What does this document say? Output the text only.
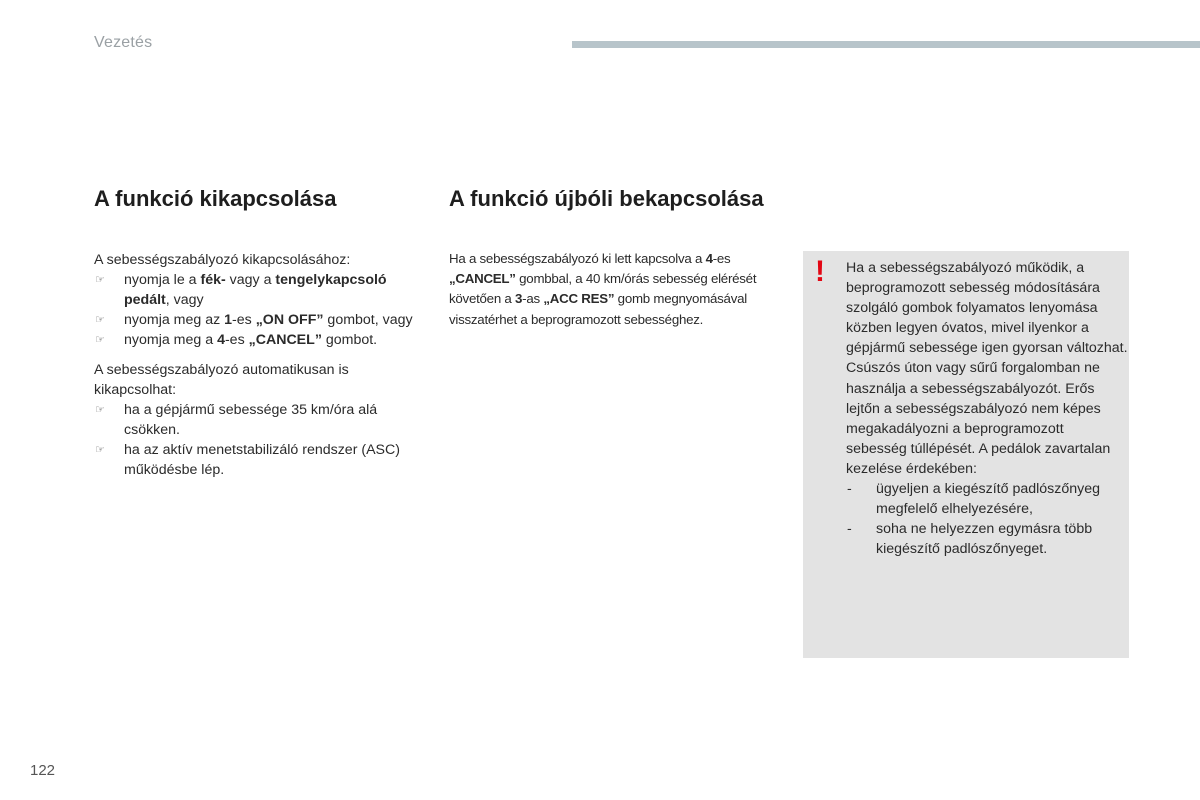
Vezetés
A funkció kikapcsolása	A funkció újbóli bekapcsolása

A sebességszabályozó kikapcsolásához:

☞	nyomja le a fék- vagy a tengelykapcsoló pedált, vagy
☞	nyomja meg az 1-es „ON OFF” gombot, vagy
☞	nyomja meg a 4-es „CANCEL” gombot.

A sebességszabályozó automatikusan is kikapcsolhat:

☞	ha a gépjármű sebessége 35 km/óra alá csökken.
☞	ha az aktív menetstabilizáló rendszer (ASC) működésbe lép.

Ha a sebességszabályozó ki lett kapcsolva a 4-es „CANCEL” gombbal, a 40 km/órás sebesség elérését követően a 3-as „ACC RES” gomb megnyomásával visszatérhet a beprogramozott sebességhez.

! Ha a sebességszabályozó működik, a beprogramozott sebesség módosítására szolgáló gombok folyamatos lenyomása közben legyen óvatos, mivel ilyenkor a gépjármű sebessége igen gyorsan változhat. Csúszós úton vagy sűrű forgalomban ne használja a sebességszabályozót. Erős lejtőn a sebességszabályozó nem képes megakadályozni a beprogramozott sebesség túllépését. A pedálok zavartalan kezelése érdekében:

-	ügyeljen a kiegészítő padlószőnyeg megfelelő elhelyezésére,
-	soha ne helyezzen egymásra több kiegészítő padlószőnyeget.
122
